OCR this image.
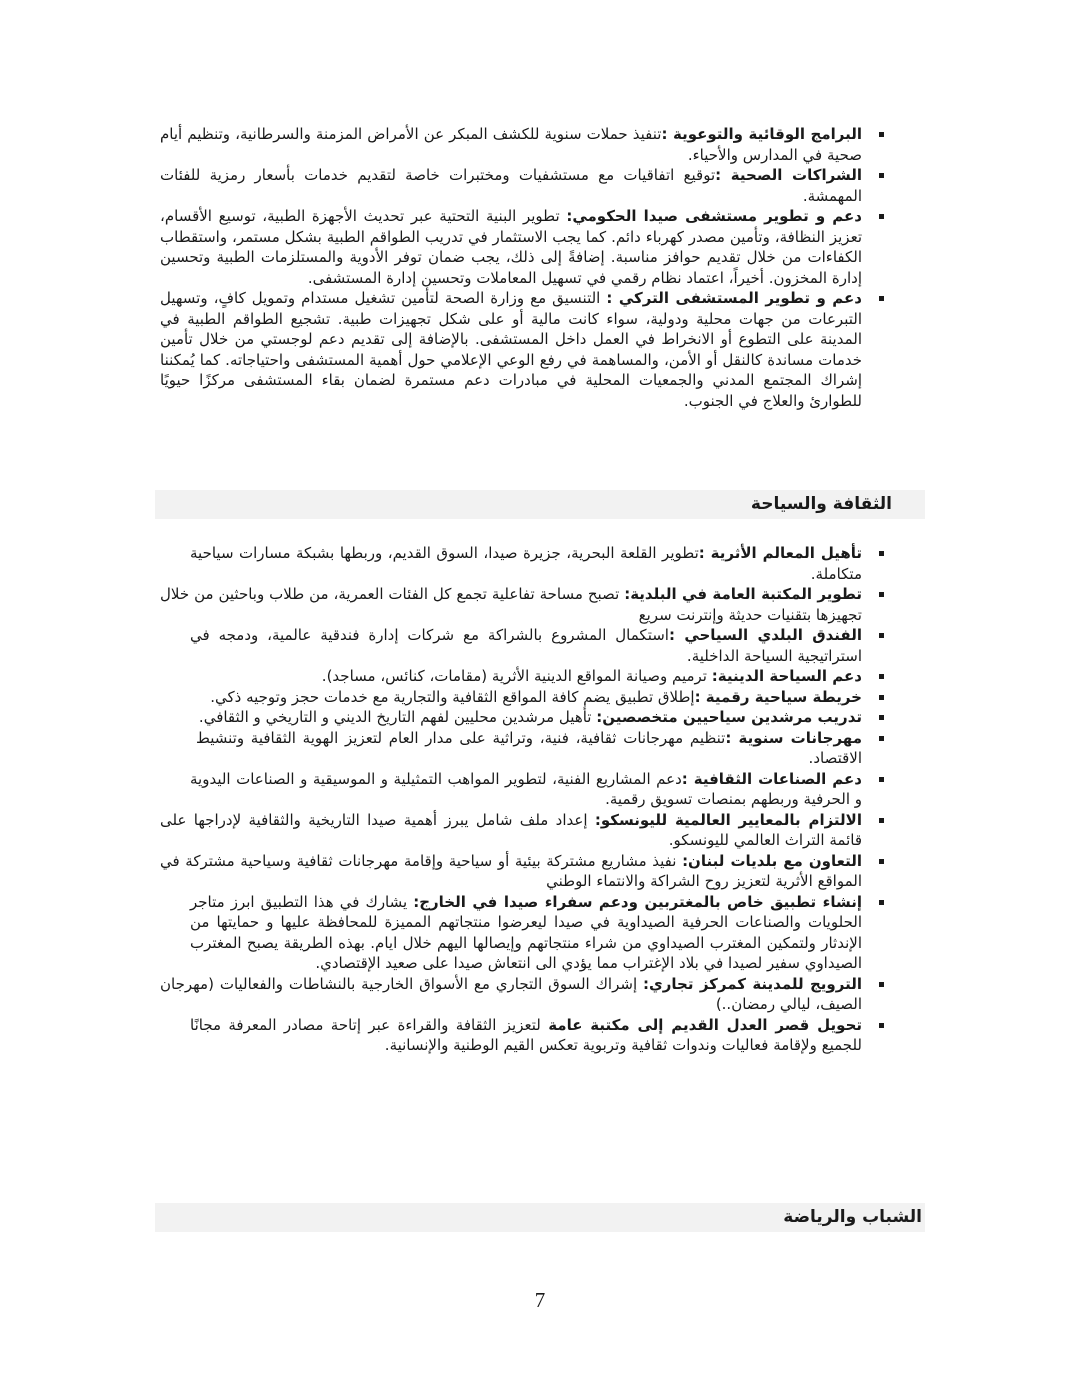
البرامج الوقائية والتوعوية :تنفيذ حملات سنوية للكشف المبكر عن الأمراض المزمنة والسرطانية، وتنظيم أيام صحية في المدارس والأحياء.
الشراكات الصحية :توقيع اتفاقيات مع مستشفيات ومختبرات خاصة لتقديم خدمات بأسعار رمزية للفئات المهمشة.
دعم و تطوير مستشفى صيدا الحكومي: تطوير البنية التحتية عبر تحديث الأجهزة الطبية، توسيع الأقسام، تعزيز النظافة، وتأمين مصدر كهرباء دائم. كما يجب الاستثمار في تدريب الطواقم الطبية بشكل مستمر، واستقطاب الكفاءات من خلال تقديم حوافز مناسبة. إضافةً إلى ذلك، يجب ضمان توفر الأدوية والمستلزمات الطبية وتحسين إدارة المخزون. أخيراً، اعتماد نظام رقمي في تسهيل المعاملات وتحسين إدارة المستشفى.
دعم و تطوير المستشفى التركي : التنسيق مع وزارة الصحة لتأمين تشغيل مستدام وتمويل كافٍ، وتسهيل التبرعات من جهات محلية ودولية، سواء كانت مالية أو على شكل تجهيزات طبية. تشجيع الطواقم الطبية في المدينة على التطوع أو الانخراط في العمل داخل المستشفى. بالإضافة إلى تقديم دعم لوجستي من خلال تأمين خدمات مساندة كالنقل أو الأمن، والمساهمة في رفع الوعي الإعلامي حول أهمية المستشفى واحتياجاته. كما يُمكننا إشراك المجتمع المدني والجمعيات المحلية في مبادرات دعم مستمرة لضمان بقاء المستشفى مركزًا حيويًا للطوارئ والعلاج في الجنوب.
الثقافة والسياحة
تأهيل المعالم الأثرية :تطوير القلعة البحرية، جزيرة صيدا، السوق القديم، وربطها بشبكة مسارات سياحية متكاملة.
تطوير المكتبة العامة في البلدية: تصبح مساحة تفاعلية تجمع كل الفئات العمرية، من طلاب وباحثين من خلال تجهيزها بتقنيات حديثة وإنترنت سريع
الفندق البلدي السياحي :استكمال المشروع بالشراكة مع شركات إدارة فندقية عالمية، ودمجه في استراتيجية السياحة الداخلية.
دعم السياحة الدينية: ترميم وصيانة المواقع الدينية الأثرية (مقامات، كنائس، مساجد).
خريطة سياحية رقمية :إطلاق تطبيق يضم كافة المواقع الثقافية والتجارية مع خدمات حجز وتوجيه ذكي.
تدريب مرشدين سياحيين متخصصين: تأهيل مرشدين محليين لفهم التاريخ الديني و التاريخي و الثقافي.
مهرجانات سنوية :تنظيم مهرجانات ثقافية، فنية، وتراثية على مدار العام لتعزيز الهوية الثقافية وتنشيط الاقتصاد.
دعم الصناعات الثقافية :دعم المشاريع الفنية، لتطوير المواهب التمثيلية و الموسيقية و الصناعات اليدوية و الحرفية وربطهم بمنصات تسويق رقمية.
الالتزام بالمعايير العالمية لليونسكو: إعداد ملف شامل يبرز أهمية صيدا التاريخية والثقافية لإدراجها على قائمة التراث العالمي لليونسكو.
التعاون مع بلديات لبنان: نفيذ مشاريع مشتركة بيئية أو سياحية وإقامة مهرجانات ثقافية وسياحية مشتركة في المواقع الأثرية لتعزيز روح الشراكة والانتماء الوطني
إنشاء تطبيق خاص بالمغتربين ودعم سفراء صيدا في الخارج: يشارك في هذا التطبيق ابرز متاجر الحلويات والصناعات الحرفية الصيداوية في صيدا ليعرضوا منتجاتهم المميزة للمحافظة عليها و حمايتها من الإندثار ولتمكين المغترب الصيداوي من شراء منتجاتهم وإيصالها اليهم خلال ايام. بهذه الطريقة يصبح المغترب الصيداوي سفير لصيدا في بلاد الإغتراب مما يؤدي الى انتعاش صيدا على صعيد الإقتصادي.
الترويج للمدينة كمركز تجاري: إشراك السوق التجاري مع الأسواق الخارجية بالنشاطات والفعاليات (مهرجان الصيف، ليالي رمضان..)
تحويل قصر العدل القديم إلى مكتبة عامة لتعزيز الثقافة والقراءة عبر إتاحة مصادر المعرفة مجانًا للجميع ولإقامة فعاليات وندوات ثقافية وتربوية تعكس القيم الوطنية والإنسانية.
الشباب والرياضة
7
